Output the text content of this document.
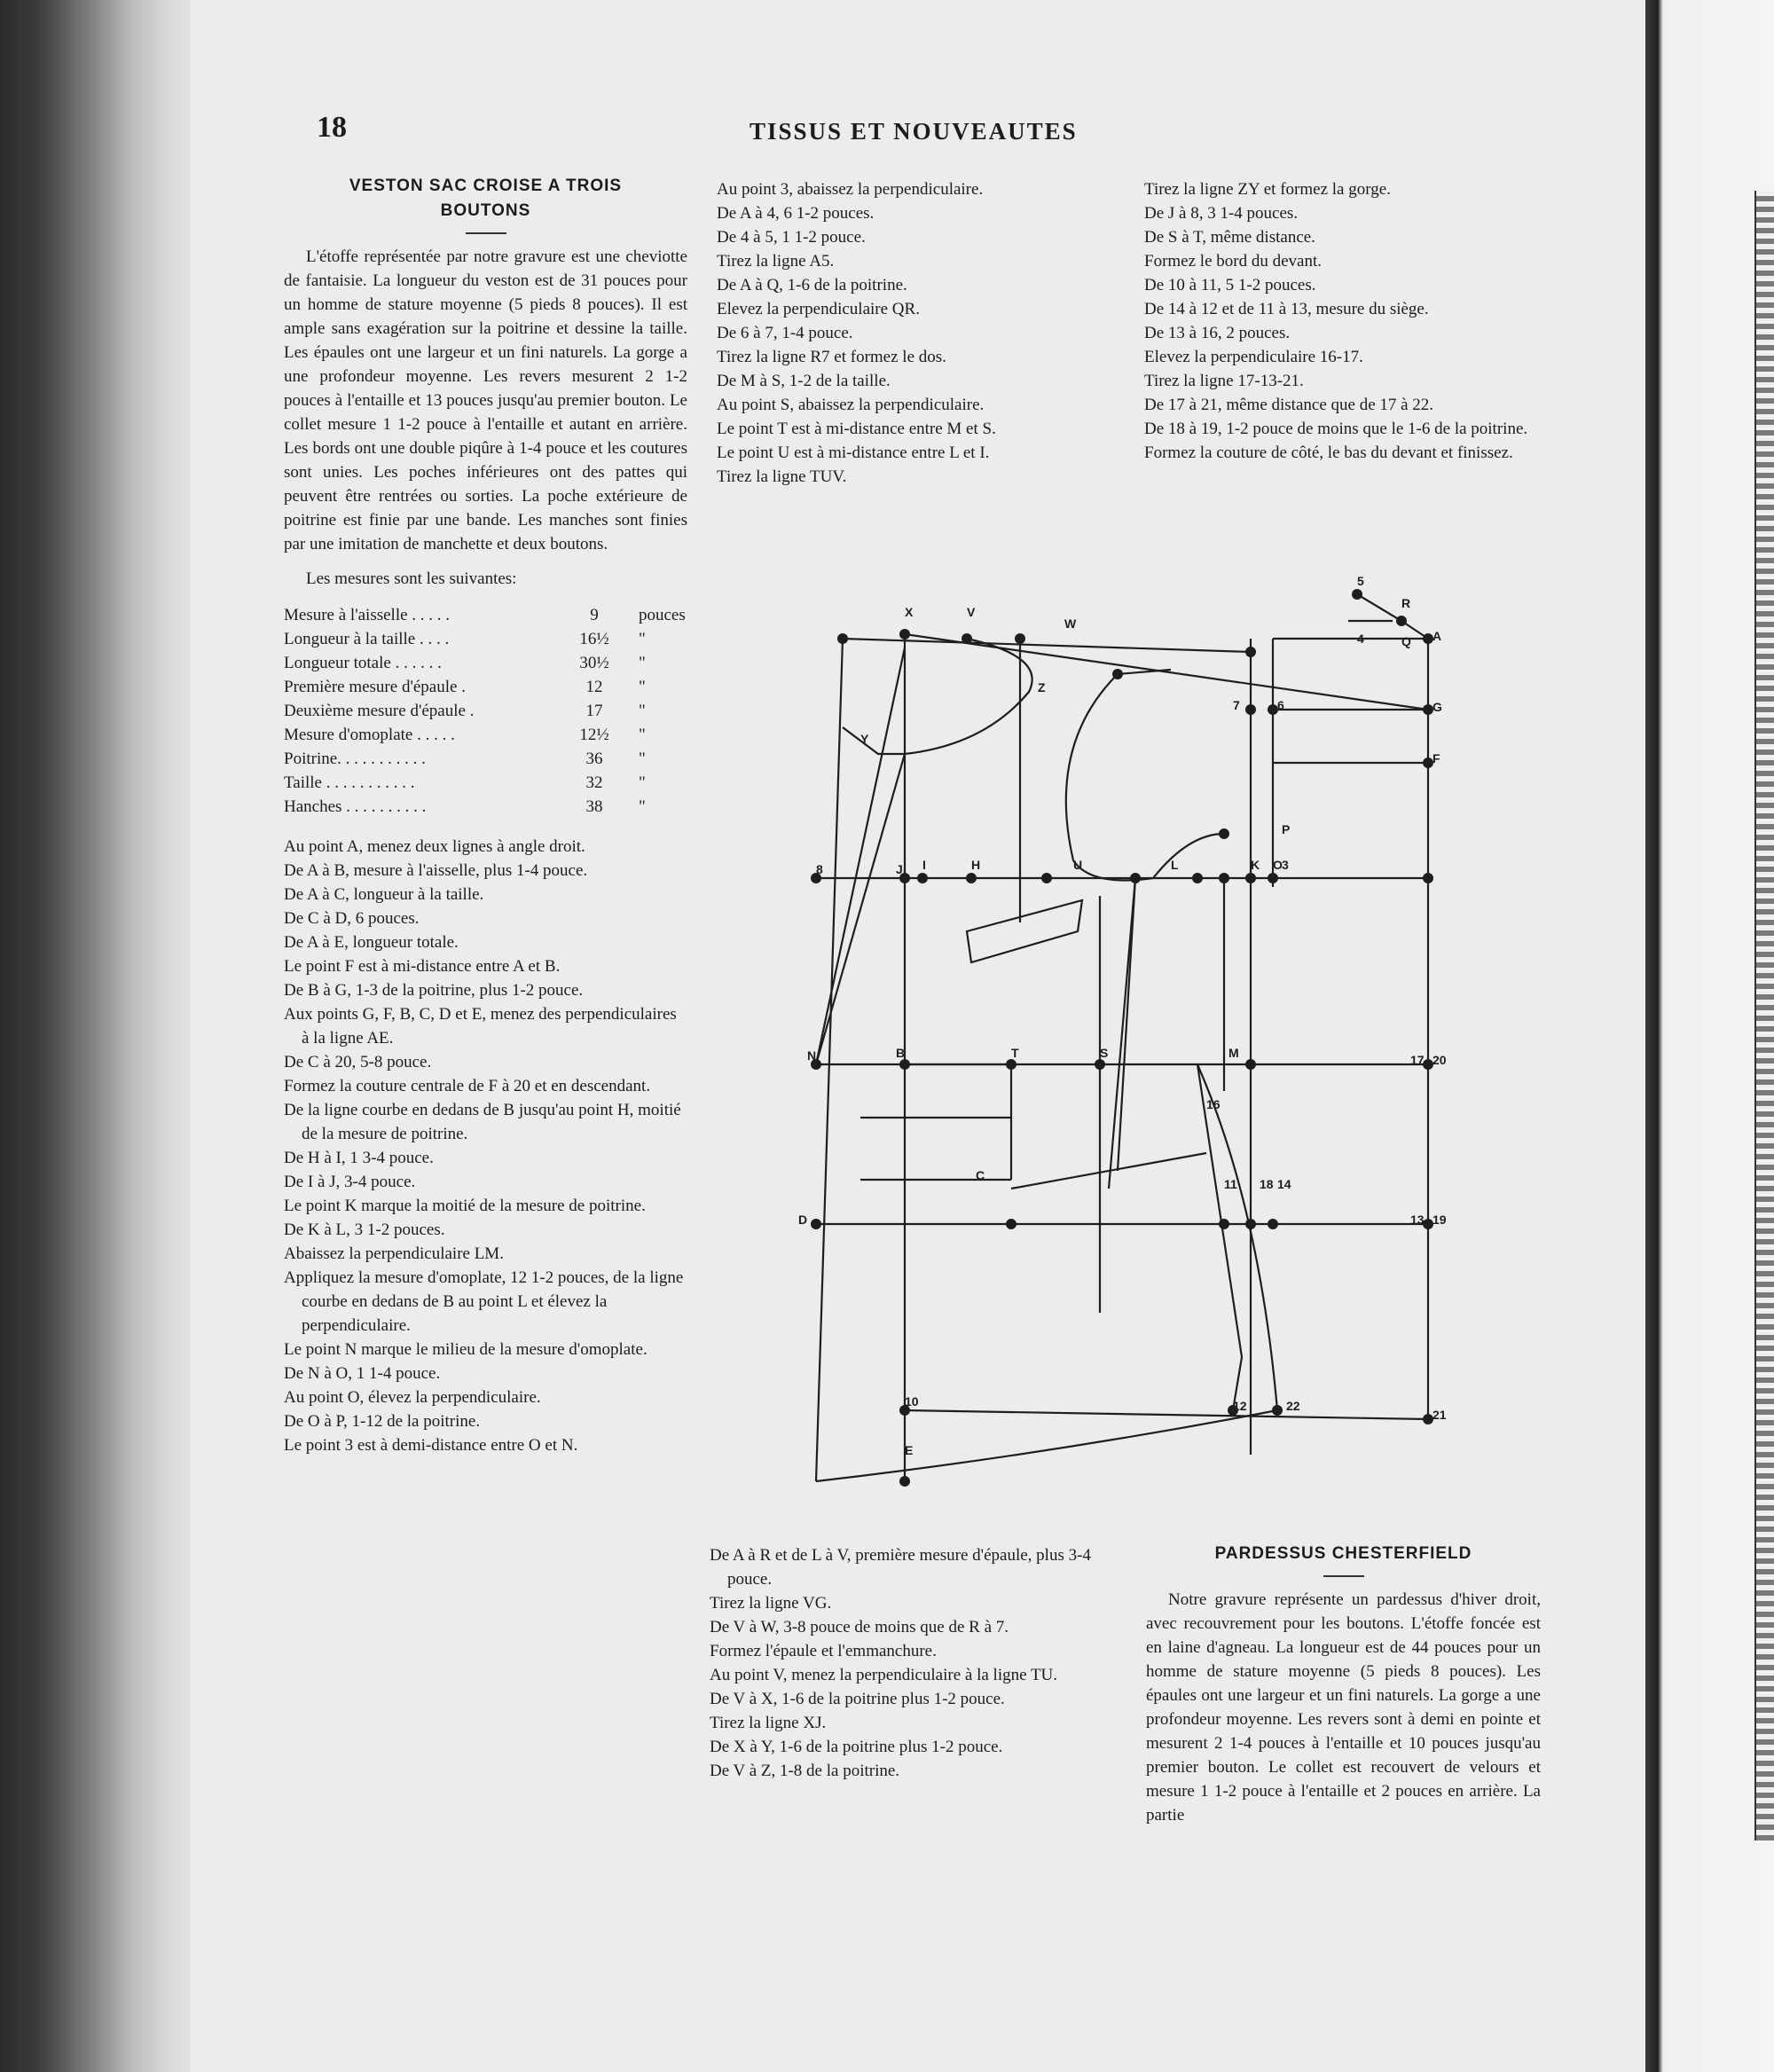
18	TISSUS ET NOUVEAUTES
VESTON SAC CROISE A TROIS
BOUTONS

L'étoffe représentée par notre gravure est une cheviotte de fantaisie. La longueur du veston est de 31 pouces pour un homme de stature moyenne (5 pieds 8 pouces). Il est ample sans exagération sur la poitrine et dessine la taille. Les épaules ont une largeur et un fini naturels. La gorge a une profondeur moyenne. Les revers mesurent 2 1-2 pouces à l'entaille et 13 pouces jusqu'au premier bouton. Le collet mesure 1 1-2 pouce à l'entaille et autant en arrière. Les bords ont une double piqûre à 1-4 pouce et les coutures sont unies. Les poches inférieures ont des pattes qui peuvent être rentrées ou sorties. La poche extérieure de poitrine est finie par une bande. Les manches sont finies par une imitation de manchette et deux boutons.

Les mesures sont les suivantes:

Mesure à l'aisselle . . . . .	9	pouces
Longueur à la taille . . . .	16½	"
Longueur totale . . . . . .	30½	"
Première mesure d'épaule .	12	"
Deuxième mesure d'épaule .	17	"
Mesure d'omoplate . . . . .	12½	"
Poitrine. . . . . . . . . . .	36	"
Taille . . . . . . . . . . .	32	"
Hanches . . . . . . . . . .	38	"

Au point A, menez deux lignes à angle droit.

De A à B, mesure à l'aisselle, plus 1-4 pouce.

De A à C, longueur à la taille.

De C à D, 6 pouces.

De A à E, longueur totale.

Le point F est à mi-distance entre A et B.

De B à G, 1-3 de la poitrine, plus 1-2 pouce.

Aux points G, F, B, C, D et E, menez des perpendiculaires à la ligne AE.

De C à 20, 5-8 pouce.

Formez la couture centrale de F à 20 et en descendant.

De la ligne courbe en dedans de B jusqu'au point H, moitié de la mesure de poitrine.

De H à I, 1 3-4 pouce.

De I à J, 3-4 pouce.

Le point K marque la moitié de la mesure de poitrine.

De K à L, 3 1-2 pouces.

Abaissez la perpendiculaire LM.

Appliquez la mesure d'omoplate, 12 1-2 pouces, de la ligne courbe en dedans de B au point L et élevez la perpendiculaire.

Le point N marque le milieu de la mesure d'omoplate.

De N à O, 1 1-4 pouce.

Au point O, élevez la perpendiculaire.

De O à P, 1-12 de la poitrine.

Le point 3 est à demi-distance entre O et N.

Au point 3, abaissez la perpendiculaire.

De A à 4, 6 1-2 pouces.

De 4 à 5, 1 1-2 pouce.

Tirez la ligne A5.

De A à Q, 1-6 de la poitrine.

Elevez la perpendiculaire QR.

De 6 à 7, 1-4 pouce.

Tirez la ligne R7 et formez le dos.

De M à S, 1-2 de la taille.

Au point S, abaissez la perpendiculaire.

Le point T est à mi-distance entre M et S.

Le point U est à mi-distance entre L et I.

Tirez la ligne TUV.

Tirez la ligne ZY et formez la gorge.

De J à 8, 3 1-4 pouces.

De S à T, même distance.

Formez le bord du devant.

De 10 à 11, 5 1-2 pouces.

De 14 à 12 et de 11 à 13, mesure du siège.

De 13 à 16, 2 pouces.

Elevez la perpendiculaire 16-17.

Tirez la ligne 17-13-21.

De 17 à 21, même distance que de 17 à 22.

De 18 à 19, 1-2 pouce de moins que le 1-6 de la poitrine.

Formez la couture de côté, le bas du devant et finissez.

X	V
W
Z
Y
5
R
4	Q A
7	6	G
F
P
8	J I	H	U	L	K O 3
N	B	T	S	M	17 20
C
11 18 14
13 19
D
10	12	22
21
E
16

De A à R et de L à V, première mesure d'épaule, plus 3-4 pouce.

Tirez la ligne VG.

De V à W, 3-8 pouce de moins que de R à 7.

Formez l'épaule et l'emmanchure.

Au point V, menez la perpendiculaire à la ligne TU.

De V à X, 1-6 de la poitrine plus 1-2 pouce.

Tirez la ligne XJ.

De X à Y, 1-6 de la poitrine plus 1-2 pouce.

De V à Z, 1-8 de la poitrine.

PARDESSUS CHESTERFIELD

Notre gravure représente un pardessus d'hiver droit, avec recouvrement pour les boutons. L'étoffe foncée est en laine d'agneau. La longueur est de 44 pouces pour un homme de stature moyenne (5 pieds 8 pouces). Les épaules ont une largeur et un fini naturels. La gorge a une profondeur moyenne. Les revers sont à demi en pointe et mesurent 2 1-4 pouces à l'entaille et 10 pouces jusqu'au premier bouton. Le collet est recouvert de velours et mesure 1 1-2 pouce à l'entaille et 2 pouces en arrière. La partie
